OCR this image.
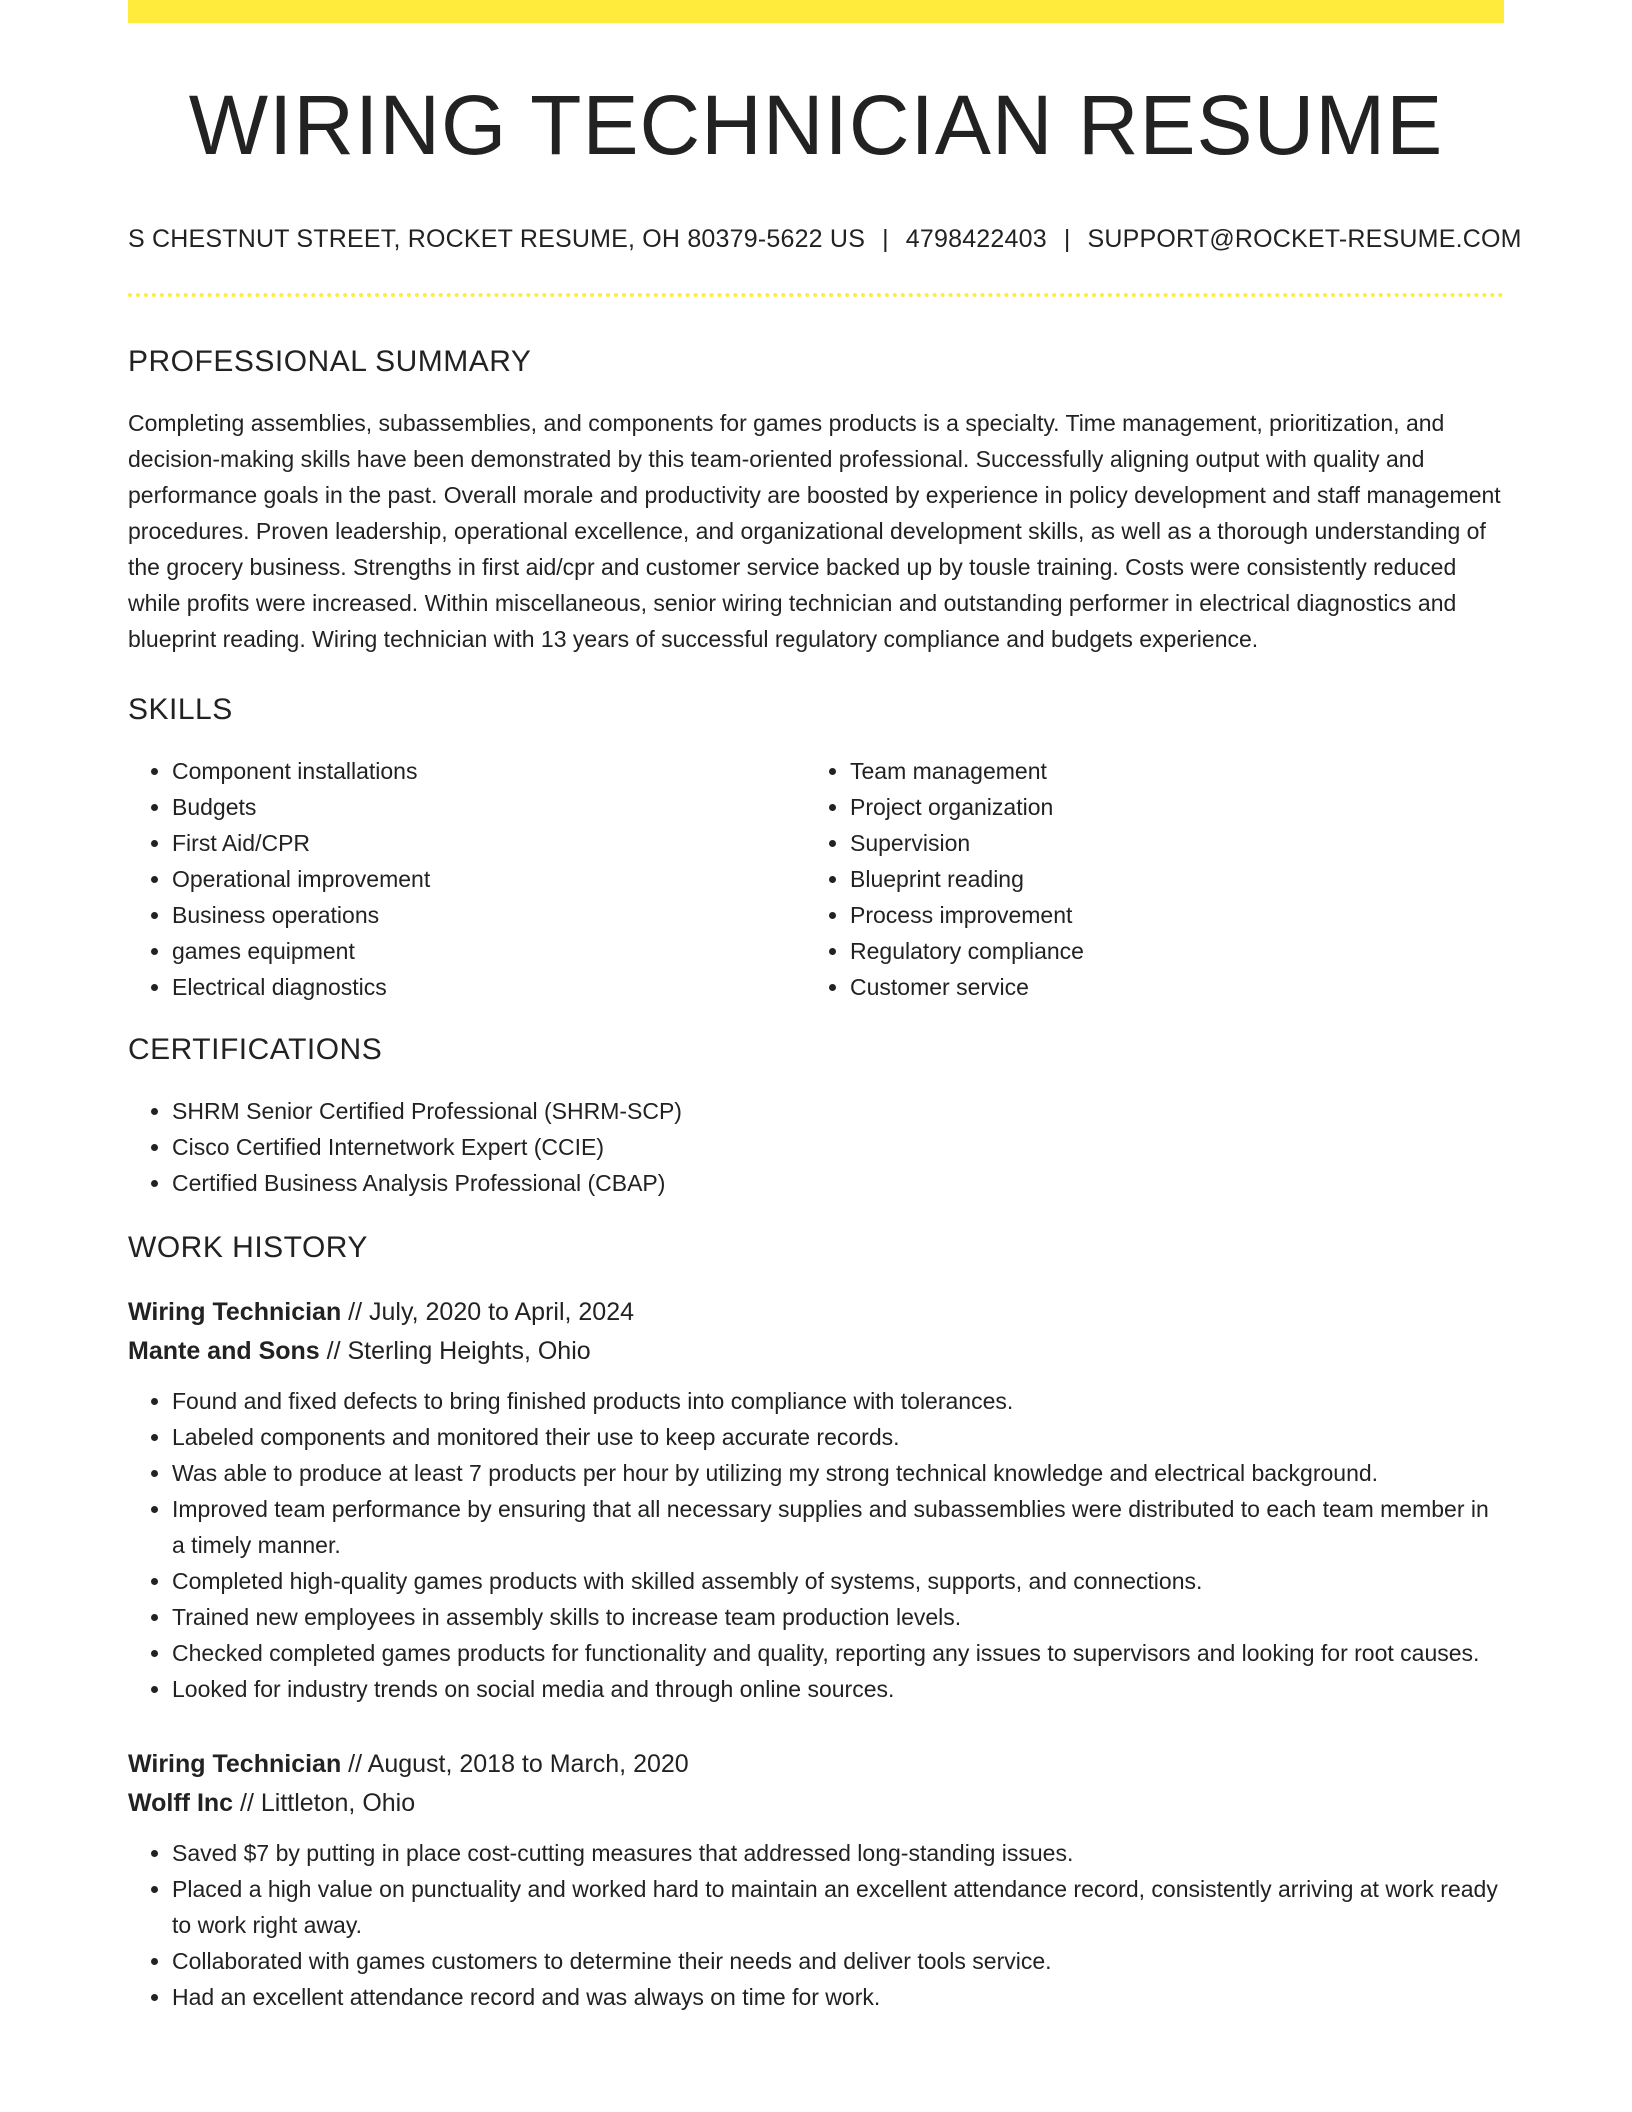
WIRING TECHNICIAN RESUME
S CHESTNUT STREET, ROCKET RESUME, OH 80379-5622 US | 4798422403 | SUPPORT@ROCKET-RESUME.COM
PROFESSIONAL SUMMARY
Completing assemblies, subassemblies, and components for games products is a specialty. Time management, prioritization, and decision-making skills have been demonstrated by this team-oriented professional. Successfully aligning output with quality and performance goals in the past. Overall morale and productivity are boosted by experience in policy development and staff management procedures. Proven leadership, operational excellence, and organizational development skills, as well as a thorough understanding of the grocery business. Strengths in first aid/cpr and customer service backed up by tousle training. Costs were consistently reduced while profits were increased. Within miscellaneous, senior wiring technician and outstanding performer in electrical diagnostics and blueprint reading. Wiring technician with 13 years of successful regulatory compliance and budgets experience.
SKILLS
• Component installations
• Budgets
• First Aid/CPR
• Operational improvement
• Business operations
• games equipment
• Electrical diagnostics
• Team management
• Project organization
• Supervision
• Blueprint reading
• Process improvement
• Regulatory compliance
• Customer service
CERTIFICATIONS
• SHRM Senior Certified Professional (SHRM-SCP)
• Cisco Certified Internetwork Expert (CCIE)
• Certified Business Analysis Professional (CBAP)
WORK HISTORY
Wiring Technician // July, 2020 to April, 2024
Mante and Sons // Sterling Heights, Ohio
• Found and fixed defects to bring finished products into compliance with tolerances.
• Labeled components and monitored their use to keep accurate records.
• Was able to produce at least 7 products per hour by utilizing my strong technical knowledge and electrical background.
• Improved team performance by ensuring that all necessary supplies and subassemblies were distributed to each team member in a timely manner.
• Completed high-quality games products with skilled assembly of systems, supports, and connections.
• Trained new employees in assembly skills to increase team production levels.
• Checked completed games products for functionality and quality, reporting any issues to supervisors and looking for root causes.
• Looked for industry trends on social media and through online sources.
Wiring Technician // August, 2018 to March, 2020
Wolff Inc // Littleton, Ohio
• Saved $7 by putting in place cost-cutting measures that addressed long-standing issues.
• Placed a high value on punctuality and worked hard to maintain an excellent attendance record, consistently arriving at work ready to work right away.
• Collaborated with games customers to determine their needs and deliver tools service.
• Had an excellent attendance record and was always on time for work.
